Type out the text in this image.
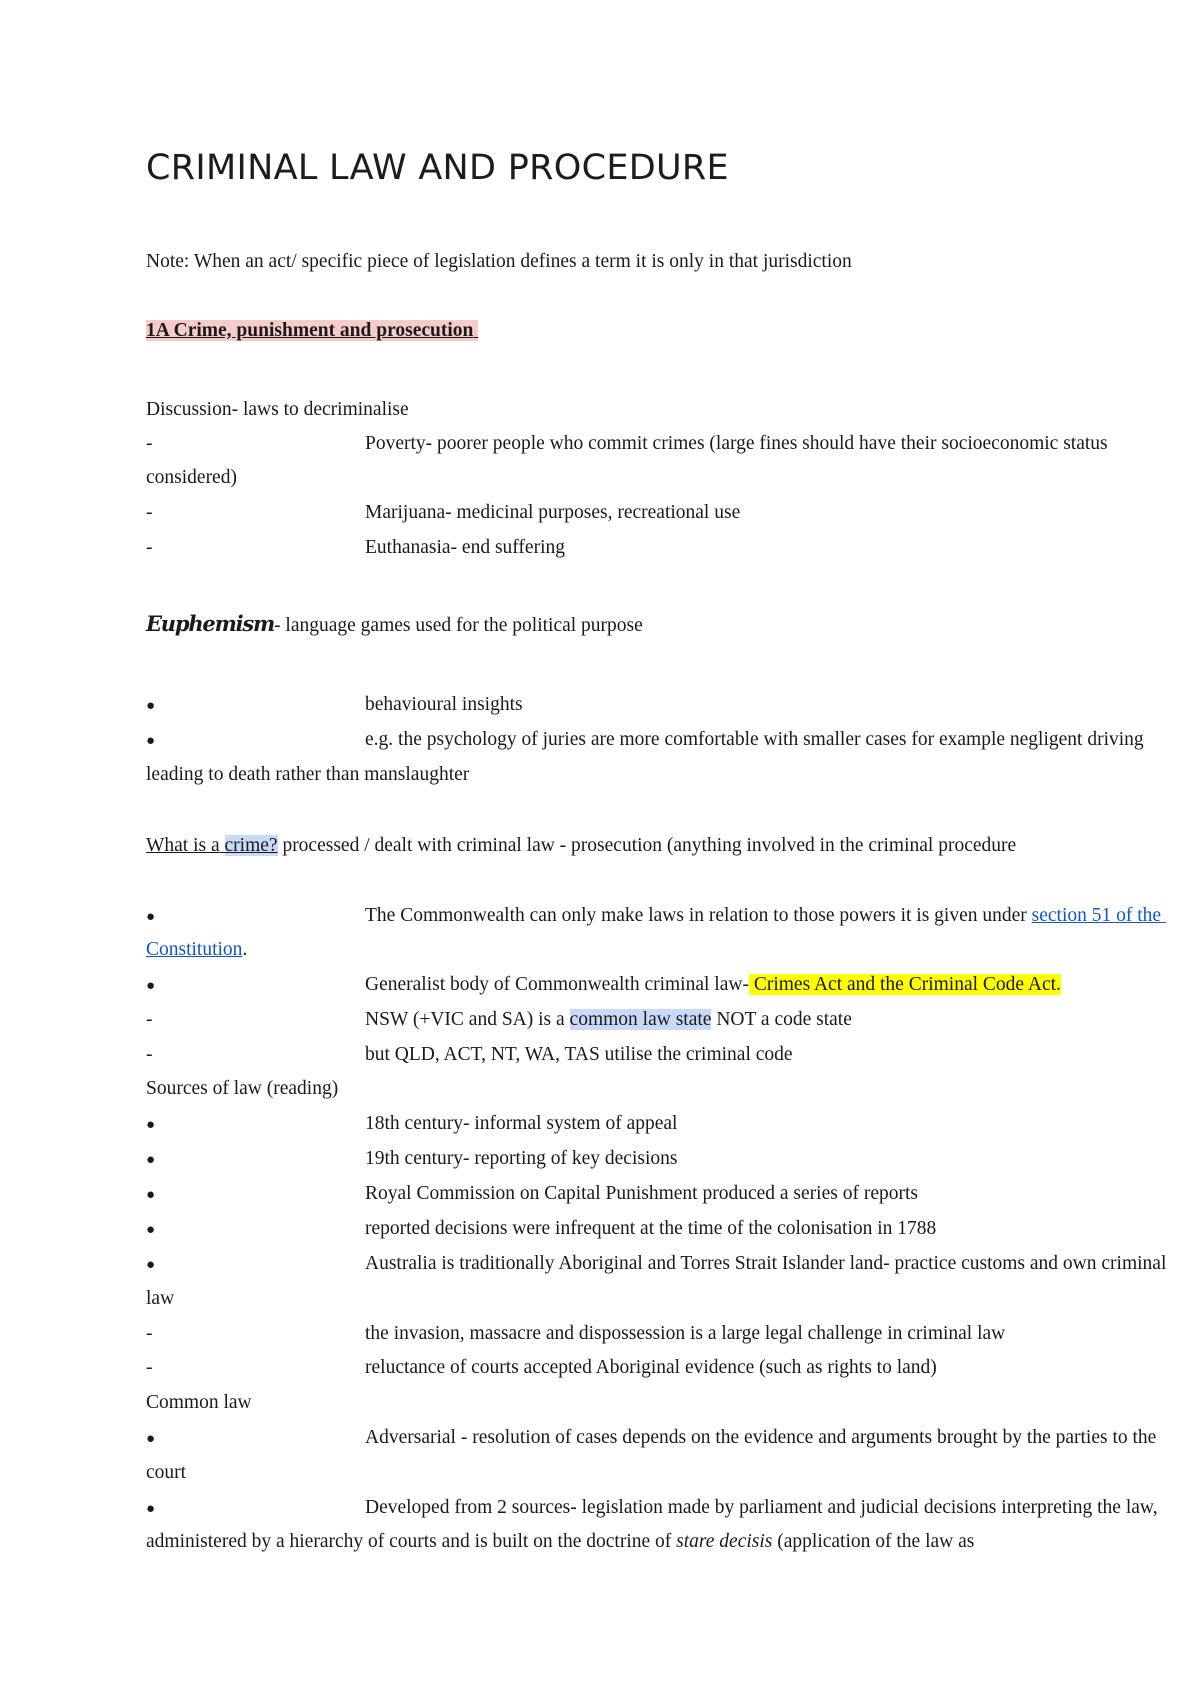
CRIMINAL LAW AND PROCEDURE
Note: When an act/ specific piece of legislation defines a term it is only in that jurisdiction
1A Crime, punishment and prosecution
Discussion- laws to decriminalise
-	Poverty- poorer people who commit crimes (large fines should have their socioeconomic status
considered)
-	Marijuana- medicinal purposes, recreational use
-	Euthanasia- end suffering
Euphemism- language games used for the political purpose
●	behavioural insights
●	e.g. the psychology of juries are more comfortable with smaller cases for example negligent driving
leading to death rather than manslaughter
What is a crime? processed / dealt with criminal law - prosecution (anything involved in the criminal procedure
●	The Commonwealth can only make laws in relation to those powers it is given under section 51 of the
Constitution.
●	Generalist body of Commonwealth criminal law- Crimes Act and the Criminal Code Act.
-	NSW (+VIC and SA) is a common law state NOT a code state
-	but QLD, ACT, NT, WA, TAS utilise the criminal code
Sources of law (reading)
●	18th century- informal system of appeal
●	19th century- reporting of key decisions
●	Royal Commission on Capital Punishment produced a series of reports
●	reported decisions were infrequent at the time of the colonisation in 1788
●	Australia is traditionally Aboriginal and Torres Strait Islander land- practice customs and own criminal
law
-	the invasion, massacre and dispossession is a large legal challenge in criminal law
-	reluctance of courts accepted Aboriginal evidence (such as rights to land)
Common law
●	Adversarial - resolution of cases depends on the evidence and arguments brought by the parties to the
court
●	Developed from 2 sources- legislation made by parliament and judicial decisions interpreting the law,
administered by a hierarchy of courts and is built on the doctrine of stare decisis (application of the law as
